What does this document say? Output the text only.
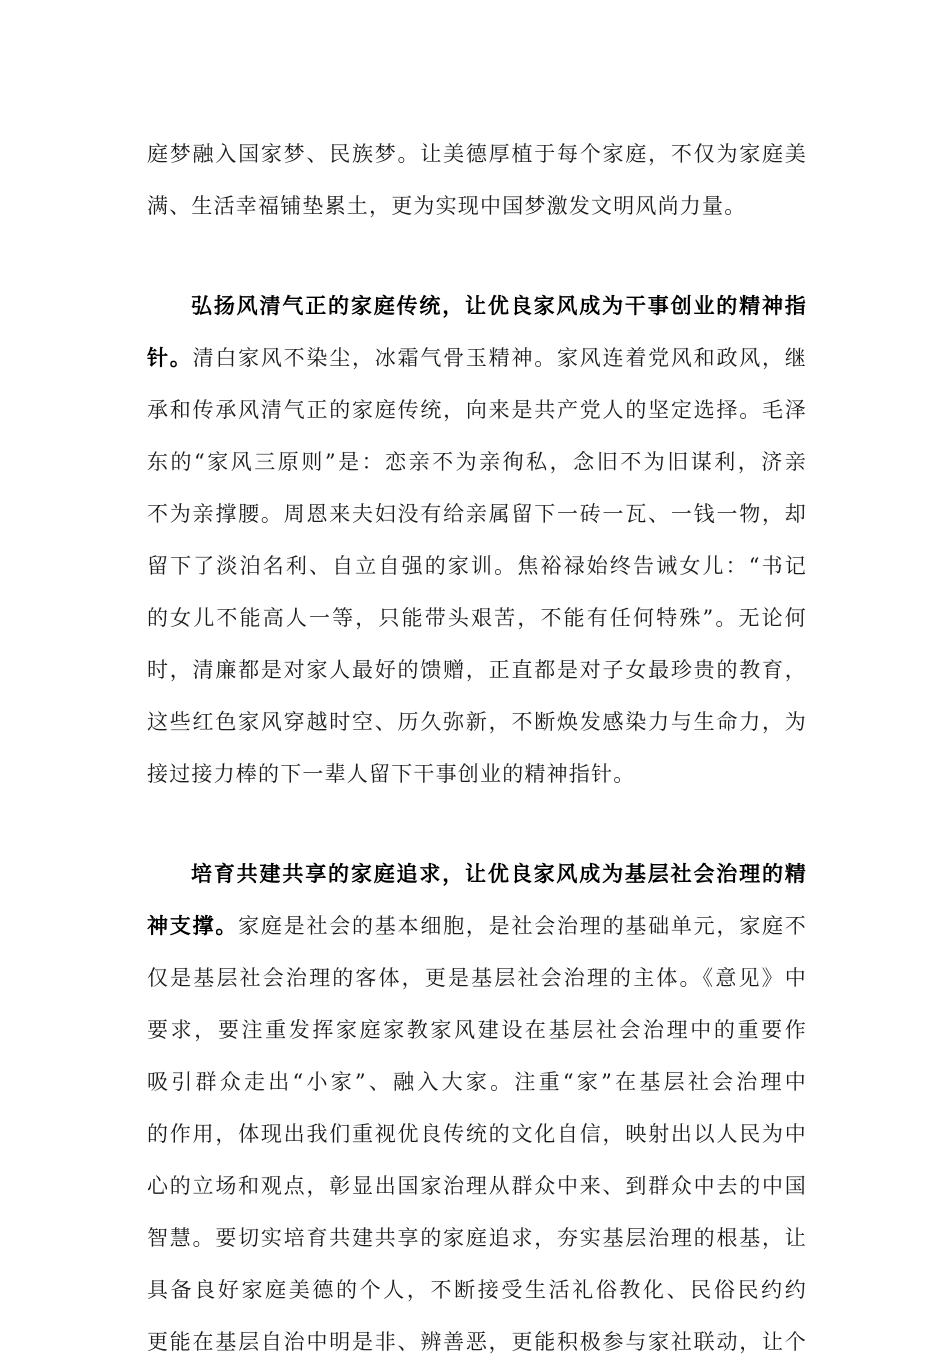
庭梦融入国家梦、民族梦。让美德厚植于每个家庭，不仅为家庭美
满、生活幸福铺垫累土，更为实现中国梦激发文明风尚力量。
弘扬风清气正的家庭传统，让优良家风成为干事创业的精神指
针。清白家风不染尘，冰霜气骨玉精神。家风连着党风和政风，继
承和传承风清气正的家庭传统，向来是共产党人的坚定选择。毛泽
东的“家风三原则”是：恋亲不为亲徇私，念旧不为旧谋利，济亲
不为亲撑腰。周恩来夫妇没有给亲属留下一砖一瓦、一钱一物，却
留下了淡泊名利、自立自强的家训。焦裕禄始终告诫女儿：“书记
的女儿不能高人一等，只能带头艰苦，不能有任何特殊”。无论何
时，清廉都是对家人最好的馈赠，正直都是对子女最珍贵的教育，
这些红色家风穿越时空、历久弥新，不断焕发感染力与生命力，为
接过接力棒的下一辈人留下干事创业的精神指针。
培育共建共享的家庭追求，让优良家风成为基层社会治理的精
神支撑。家庭是社会的基本细胞，是社会治理的基础单元，家庭不
仅是基层社会治理的客体，更是基层社会治理的主体。《意见》中
要求，要注重发挥家庭家教家风建设在基层社会治理中的重要作
吸引群众走出“小家”、融入大家。注重“家”在基层社会治理中
的作用，体现出我们重视优良传统的文化自信，映射出以人民为中
心的立场和观点，彰显出国家治理从群众中来、到群众中去的中国
智慧。要切实培育共建共享的家庭追求，夯实基层治理的根基，让
具备良好家庭美德的个人，不断接受生活礼俗教化、民俗民约约
更能在基层自治中明是非、辨善恶，更能积极参与家社联动，让个
